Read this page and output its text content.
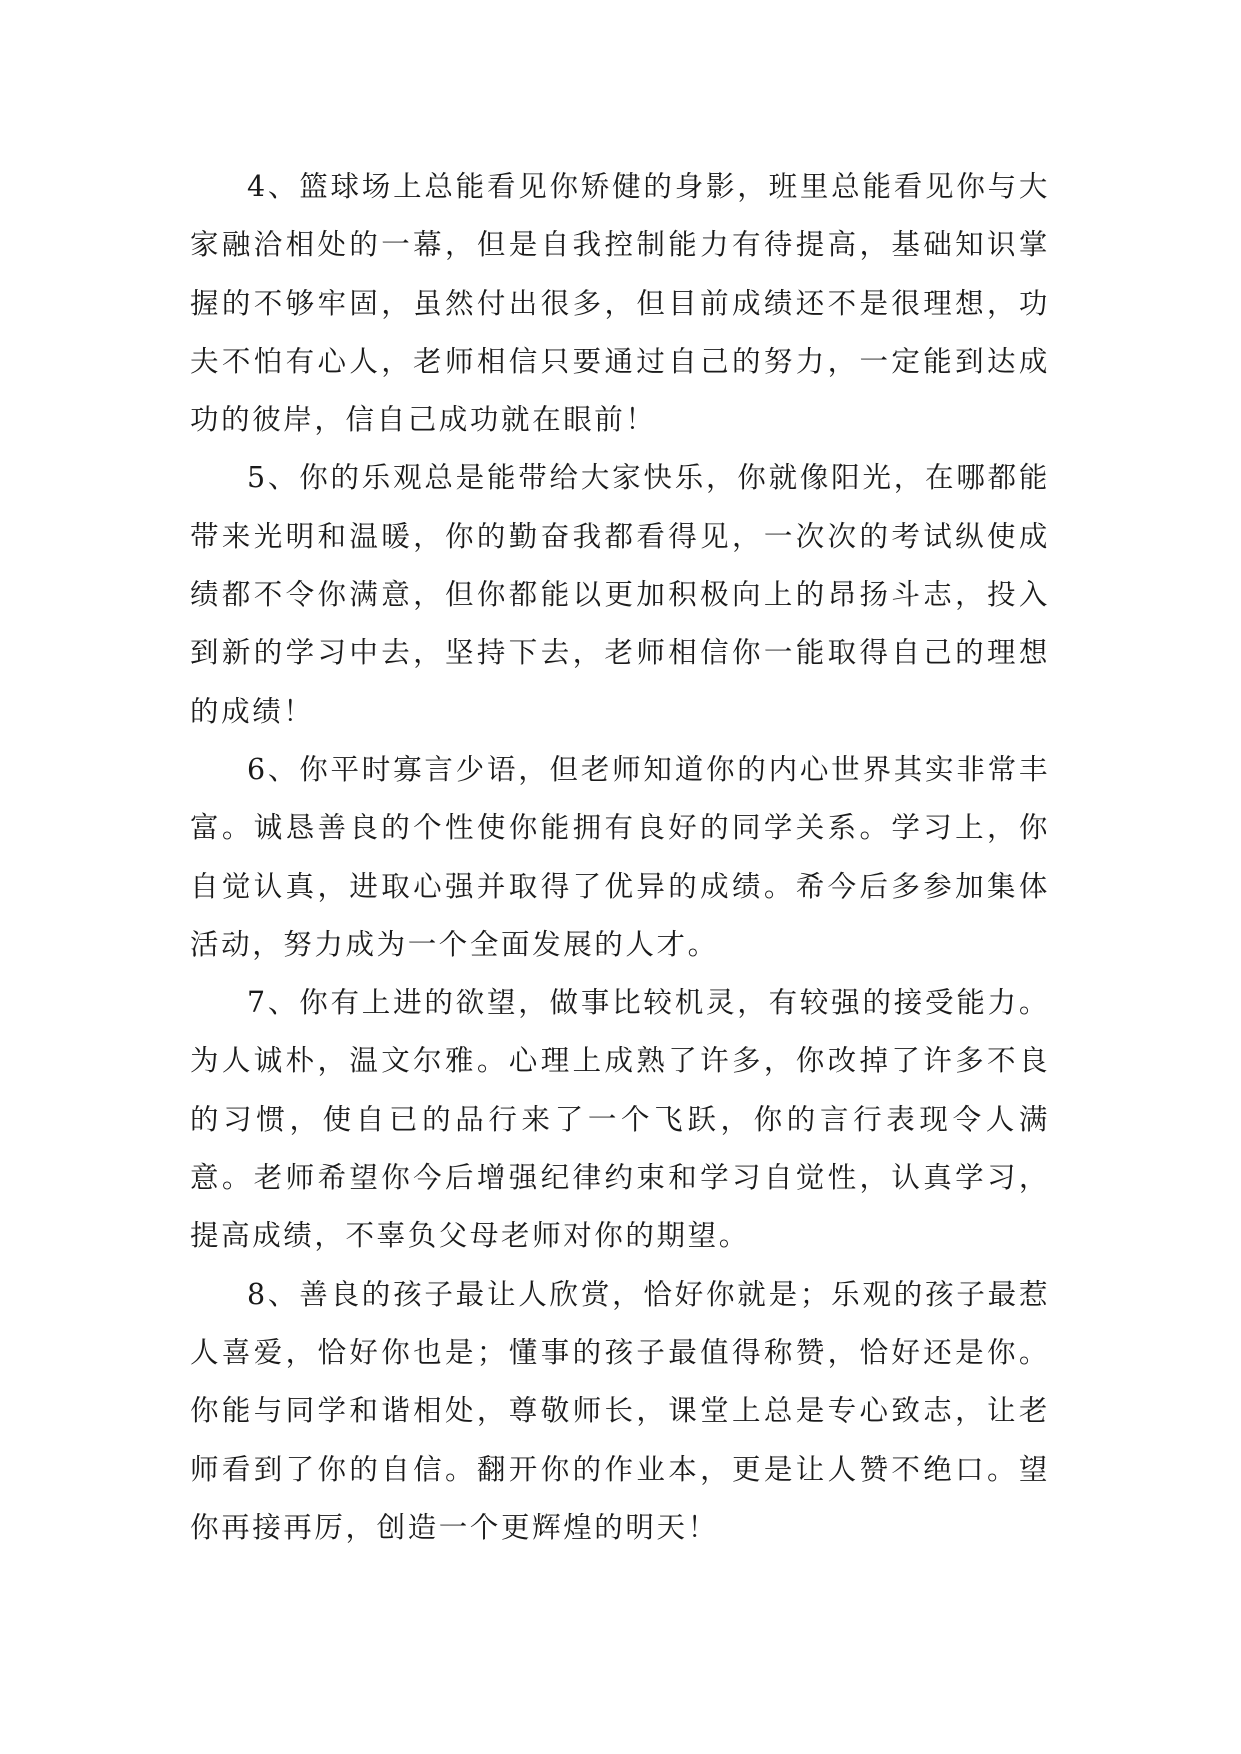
4、篮球场上总能看见你矫健的身影，班里总能看见你与大家融洽相处的一幕，但是自我控制能力有待提高，基础知识掌握的不够牢固，虽然付出很多，但目前成绩还不是很理想，功夫不怕有心人，老师相信只要通过自己的努力，一定能到达成功的彼岸，信自己成功就在眼前！

5、你的乐观总是能带给大家快乐，你就像阳光，在哪都能带来光明和温暖，你的勤奋我都看得见，一次次的考试纵使成绩都不令你满意，但你都能以更加积极向上的昂扬斗志，投入到新的学习中去，坚持下去，老师相信你一能取得自己的理想的成绩！

6、你平时寡言少语，但老师知道你的内心世界其实非常丰富。诚恳善良的个性使你能拥有良好的同学关系。学习上，你自觉认真，进取心强并取得了优异的成绩。希今后多参加集体活动，努力成为一个全面发展的人才。

7、你有上进的欲望，做事比较机灵，有较强的接受能力。为人诚朴，温文尔雅。心理上成熟了许多，你改掉了许多不良的习惯，使自已的品行来了一个飞跃，你的言行表现令人满意。老师希望你今后增强纪律约束和学习自觉性，认真学习，提高成绩，不辜负父母老师对你的期望。

8、善良的孩子最让人欣赏，恰好你就是；乐观的孩子最惹人喜爱，恰好你也是；懂事的孩子最值得称赞，恰好还是你。你能与同学和谐相处，尊敬师长，课堂上总是专心致志，让老师看到了你的自信。翻开你的作业本，更是让人赞不绝口。望你再接再厉，创造一个更辉煌的明天！
